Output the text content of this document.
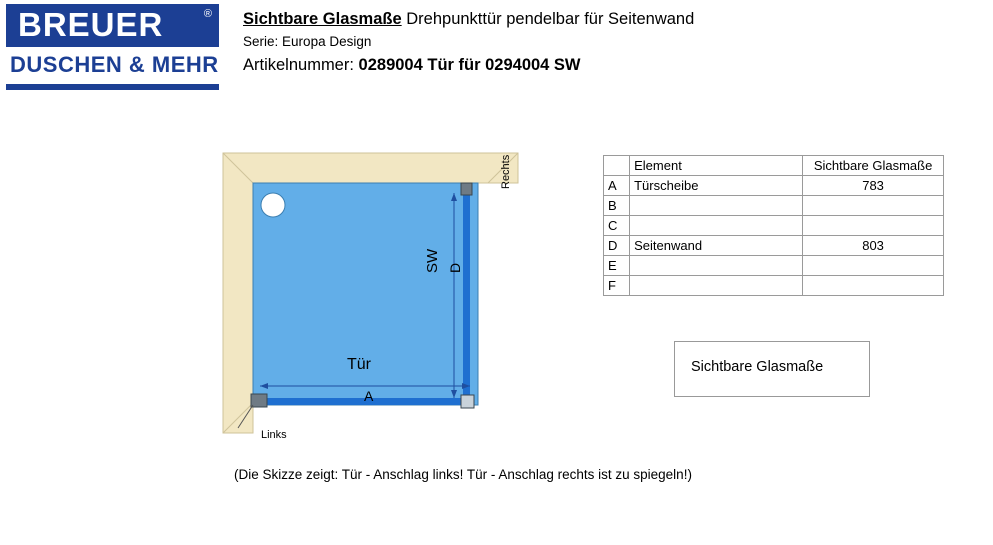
BREUER	®
DUSCHEN & MEHR
Sichtbare Glasmaße Drehpunkttür pendelbar für Seitenwand
Serie: Europa Design
Artikelnummer: 0289004 Tür für 0294004 SW
Tür
A
SW D
Rechts
Links
	Element	Sichtbare Glasmaße
A	Türscheibe	783
B		
C		
D	Seitenwand	803
E		
F		
Sichtbare Glasmaße
(Die Skizze zeigt: Tür - Anschlag links! Tür - Anschlag rechts ist zu spiegeln!)
